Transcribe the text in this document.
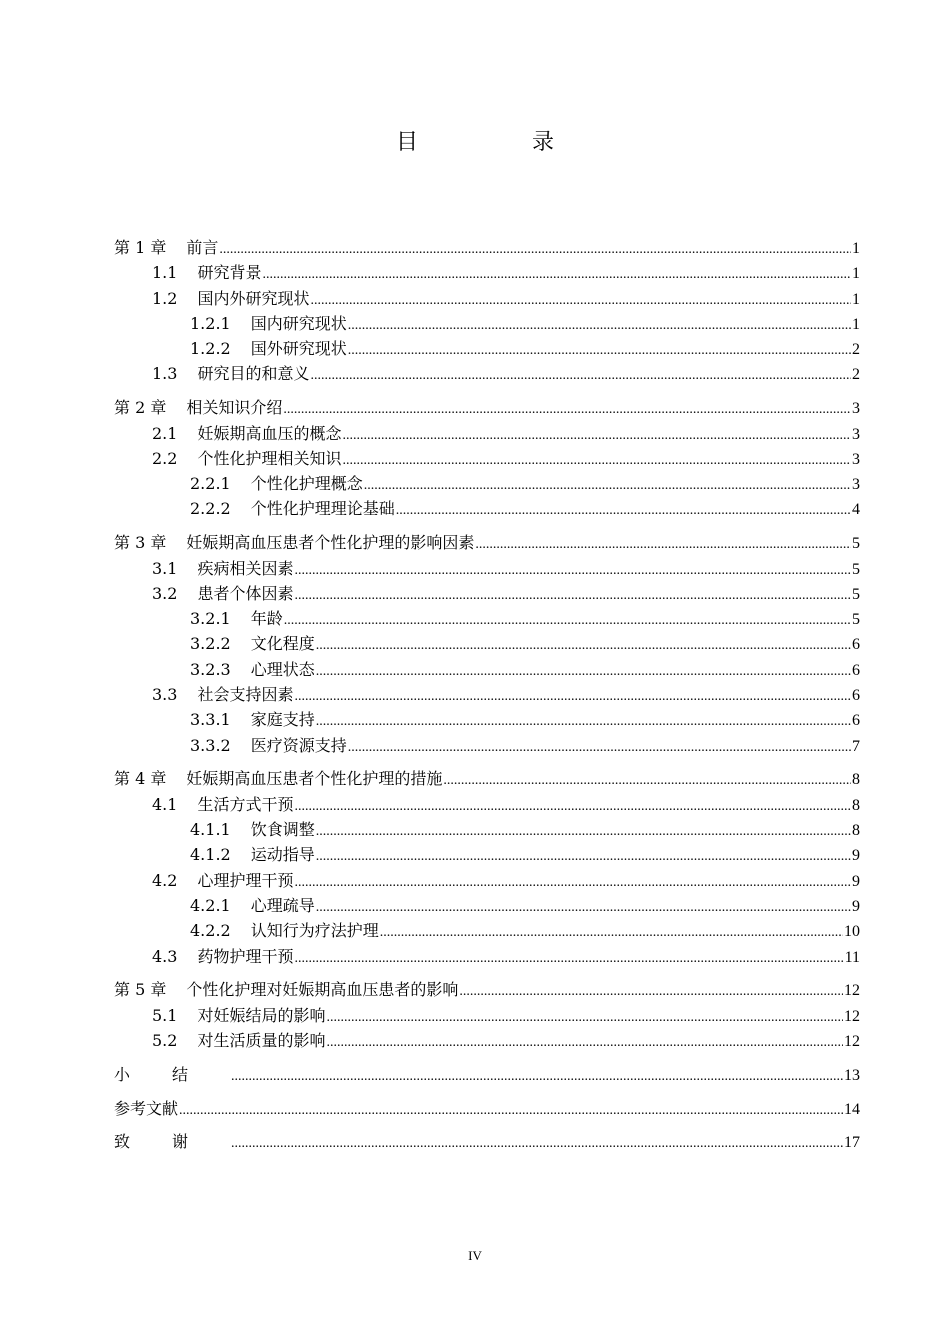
目　录
第 1 章 前言 .....	1
1.1 研究背景 .....	1
1.2 国内外研究现状 .....	1
1.2.1 国内研究现状 .....	1
1.2.2 国外研究现状 .....	2
1.3 研究目的和意义 .....	2
第 2 章 相关知识介绍 .....	3
2.1 妊娠期高血压的概念 .....	3
2.2 个性化护理相关知识 .....	3
2.2.1 个性化护理概念 .....	3
2.2.2 个性化护理理论基础 .....	4
第 3 章 妊娠期高血压患者个性化护理的影响因素 .....	5
3.1 疾病相关因素 .....	5
3.2 患者个体因素 .....	5
3.2.1 年龄 .....	5
3.2.2 文化程度 .....	6
3.2.3 心理状态 .....	6
3.3 社会支持因素 .....	6
3.3.1 家庭支持 .....	6
3.3.2 医疗资源支持 .....	7
第 4 章 妊娠期高血压患者个性化护理的措施 .....	8
4.1 生活方式干预 .....	8
4.1.1 饮食调整 .....	8
4.1.2 运动指导 .....	9
4.2 心理护理干预 .....	9
4.2.1 心理疏导 .....	9
4.2.2 认知行为疗法护理 .....	10
4.3 药物护理干预 .....	11
第 5 章 个性化护理对妊娠期高血压患者的影响 .....	12
5.1 对妊娠结局的影响 .....	12
5.2 对生活质量的影响 .....	12
小结 .....	13
参考文献 .....	14
致谢 .....	17
IV
